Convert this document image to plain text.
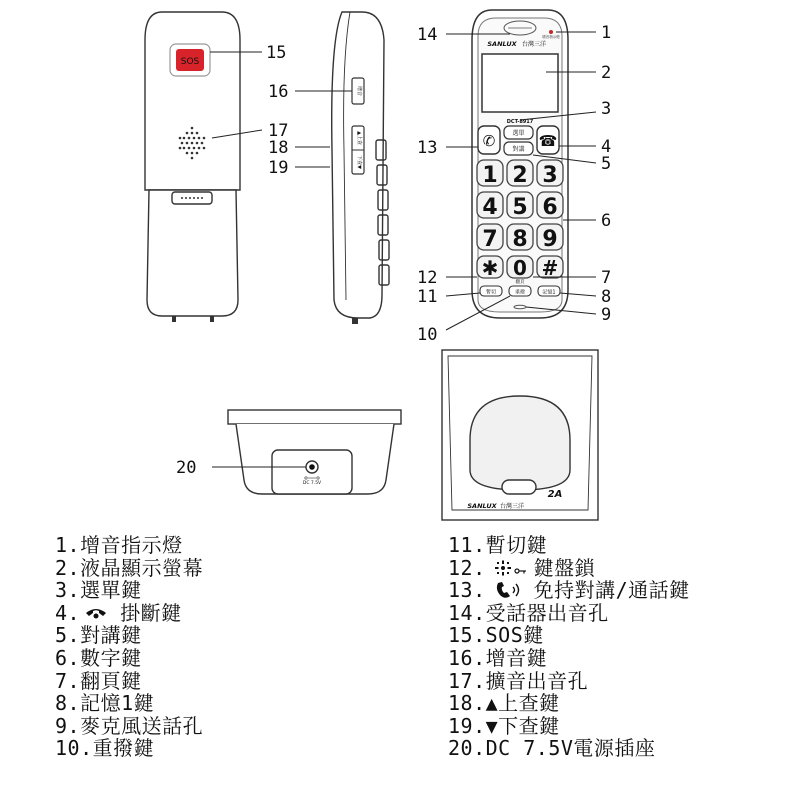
SOS
增音
▲上查
下查▼
SANLUX 台灣三洋
增音指示燈
DCT-8917
✆	☎
選單
對講
1 2 3
4 5 6
7 8 9
✱ 0 #
翻頁
暫切	重撥	記憶1
DC 7.5V
SANLUX 台灣三洋
2A
15
16
17
18
19
14	1
2
3
13	4
5
6
12	7
11	8
9
10
20
1.增音指示燈
2.液晶顯示螢幕
3.選單鍵
4. 掛斷鍵
5.對講鍵
6.數字鍵
7.翻頁鍵
8.記憶1鍵
9.麥克風送話孔
10.重撥鍵
11.暫切鍵
12. 鍵盤鎖
13. 免持對講/通話鍵
14.受話器出音孔
15.SOS鍵
16.增音鍵
17.擴音出音孔
18.▲上查鍵
19.▼下查鍵
20.DC 7.5V電源插座
